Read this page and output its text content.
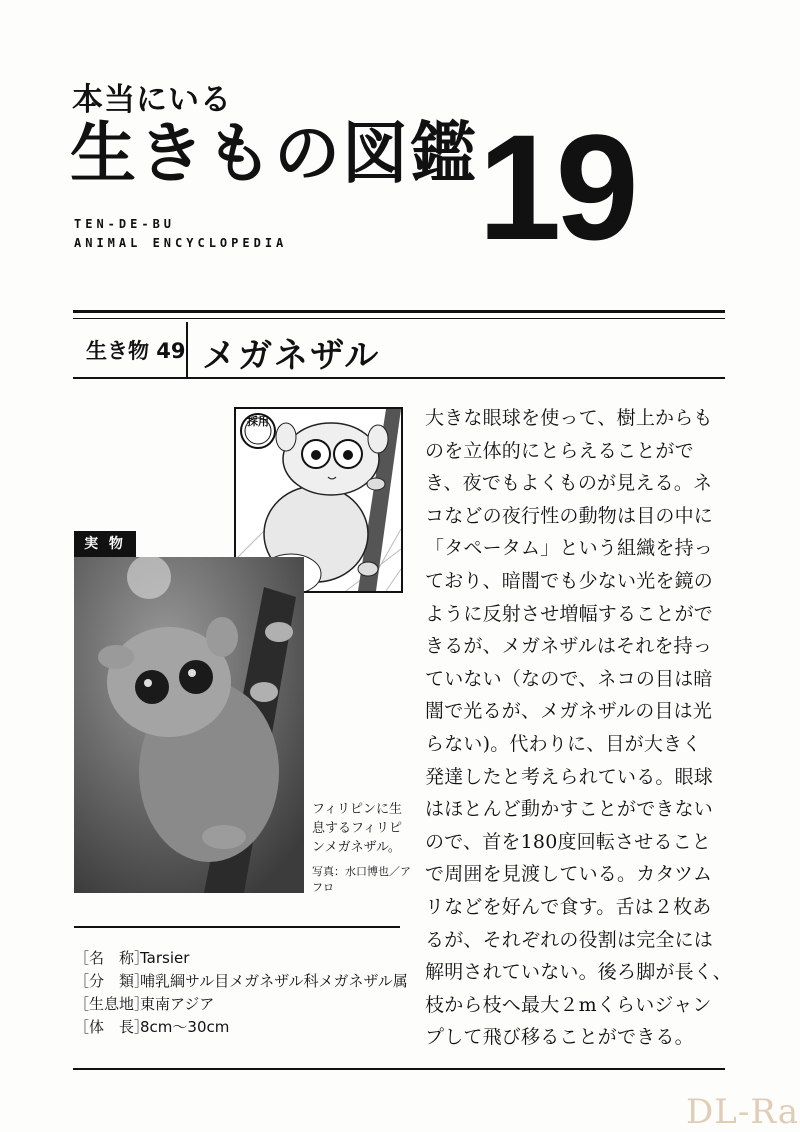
本当にいる
生きもの図鑑 19
TEN-DE-BU
ANIMAL ENCYCLOPEDIA
生き物 49 メガネザル
採用
実 物
フィリピンに生息するフィリピンメガネザル。
写真：水口博也／アフロ
［名　称］Tarsier
［分　類］哺乳綱サル目メガネザル科メガネザル属
［生息地］東南アジア
［体　長］8cm〜30cm
大きな眼球を使って、樹上からも
のを立体的にとらえることがで
き、夜でもよくものが見える。ネ
コなどの夜行性の動物は目の中に
「タペータム」という組織を持っ
ており、暗闇でも少ない光を鏡の
ように反射させ増幅することがで
きるが、メガネザルはそれを持っ
ていない（なので、ネコの目は暗
闇で光るが、メガネザルの目は光
らない)。代わりに、目が大きく
発達したと考えられている。眼球
はほとんど動かすことができない
ので、首を180度回転させること
で周囲を見渡している。カタツム
リなどを好んで食す。舌は２枚あ
るが、それぞれの役割は完全には
解明されていない。後ろ脚が長く、
枝から枝へ最大２mくらいジャン
プして飛び移ることができる。
DL-Ra
